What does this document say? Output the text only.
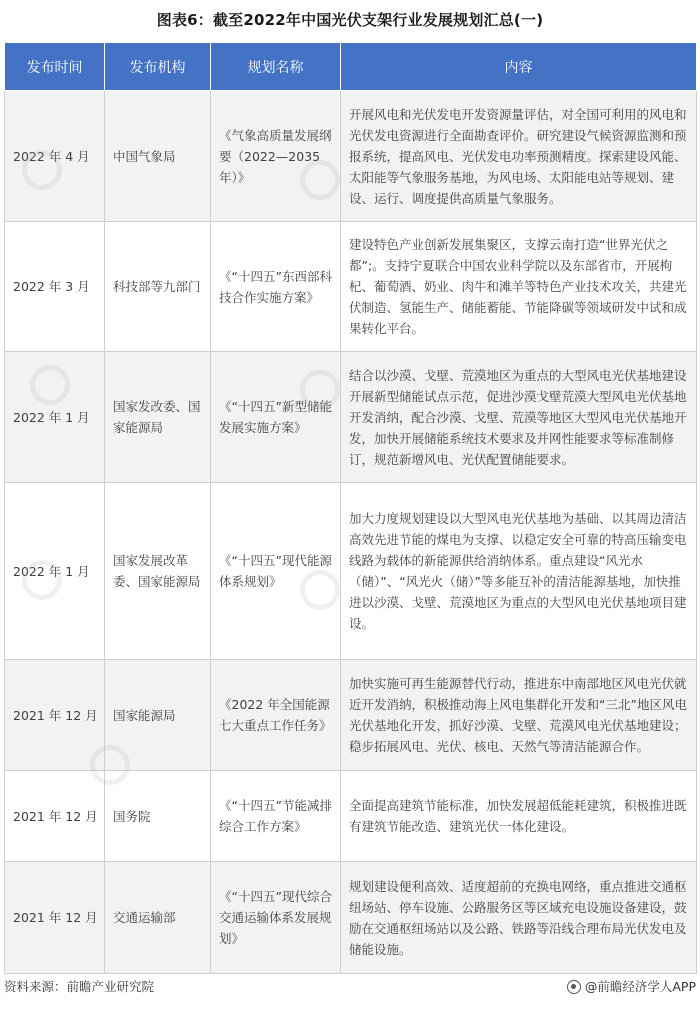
图表6：截至2022年中国光伏支架行业发展规划汇总(一)
发布时间	发布机构	规划名称	内容
2022 年 4 月	中国气象局	《气象高质量发展纲要（2022—2035年）》	开展风电和光伏发电开发资源量评估，对全国可利用的风电和光伏发电资源进行全面勘查评价。研究建设气候资源监测和预报系统，提高风电、光伏发电功率预测精度。探索建设风能、太阳能等气象服务基地，为风电场、太阳能电站等规划、建设、运行、调度提供高质量气象服务。
2022 年 3 月	科技部等九部门	《“十四五”东西部科技合作实施方案》	建设特色产业创新发展集聚区，支撑云南打造“世界光伏之都”;。支持宁夏联合中国农业科学院以及东部省市，开展枸杞、葡萄酒、奶业、肉牛和滩羊等特色产业技术攻关，共建光伏制造、氢能生产、储能蓄能、节能降碳等领域研发中试和成果转化平台。
2022 年 1 月	国家发改委、国家能源局	《“十四五”新型储能发展实施方案》	结合以沙漠、戈壁、荒漠地区为重点的大型风电光伏基地建设开展新型储能试点示范，促进沙漠戈壁荒漠大型风电光伏基地开发消纳，配合沙漠、戈壁、荒漠等地区大型风电光伏基地开发，加快开展储能系统技术要求及并网性能要求等标准制修订，规范新增风电、光伏配置储能要求。
2022 年 1 月	国家发展改革委、国家能源局	《“十四五”现代能源体系规划》	加大力度规划建设以大型风电光伏基地为基础、以其周边清洁高效先进节能的煤电为支撑、以稳定安全可靠的特高压输变电线路为载体的新能源供给消纳体系。重点建设“风光水（储）”、“风光火（储）”等多能互补的清洁能源基地，加快推进以沙漠、戈壁、荒漠地区为重点的大型风电光伏基地项目建设。
2021 年 12 月	国家能源局	《2022 年全国能源七大重点工作任务》	加快实施可再生能源替代行动，推进东中南部地区风电光伏就近开发消纳，积极推动海上风电集群化开发和“三北”地区风电光伏基地化开发，抓好沙漠、戈壁、荒漠风电光伏基地建设；稳步拓展风电、光伏、核电、天然气等清洁能源合作。
2021 年 12 月	国务院	《“十四五”节能减排综合工作方案》	全面提高建筑节能标准，加快发展超低能耗建筑，积极推进既有建筑节能改造、建筑光伏一体化建设。
2021 年 12 月	交通运输部	《“十四五”现代综合交通运输体系发展规划》	规划建设便利高效、适度超前的充换电网络，重点推进交通枢纽场站、停车设施、公路服务区等区域充电设施设备建设，鼓励在交通枢纽场站以及公路、铁路等沿线合理布局光伏发电及储能设施。
资料来源：前瞻产业研究院	@前瞻经济学人APP
